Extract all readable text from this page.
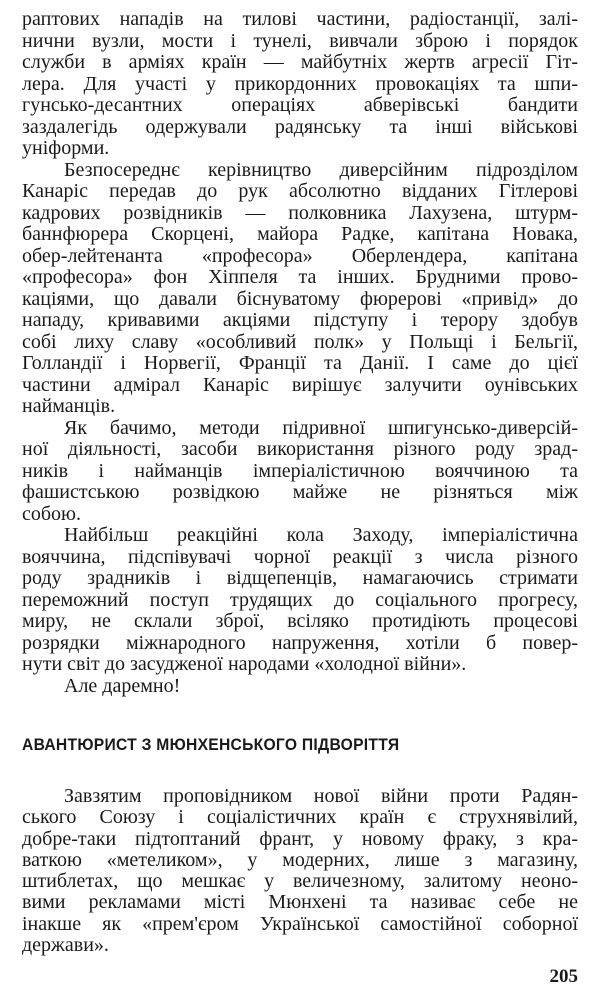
раптових нападів на тилові частини, радіостанції, залі-
нични вузли, мости і тунелі, вивчали зброю і порядок
служби в арміях країн — майбутніх жертв агресії Гіт-
лера. Для участі у прикордонних провокаціях та шпи-
гунсько-десантних операціях абверівські бандити
заздалегідь одержували радянську та інші військові
уніформи.
Безпосереднє керівництво диверсійним підрозділом
Канаріс передав до рук абсолютно відданих Гітлерові
кадрових розвідників — полковника Лахузена, штурм-
баннфюрера Скорцені, майора Радке, капітана Новака,
обер-лейтенанта «професора» Оберлендера, капітана
«професора» фон Хіппеля та інших. Брудними прово-
каціями, що давали біснуватому фюрерові «привід» до
нападу, кривавими акціями підступу і терору здобув
собі лиху славу «особливий полк» у Польщі і Бельгії,
Голландії і Норвегії, Франції та Данії. І саме до цієї
частини адмірал Канаріс вирішує залучити оунівських
найманців.
Як бачимо, методи підривної шпигунсько-диверсій-
ної діяльності, засоби використання різного роду зрад-
ників і найманців імперіалістичною вояччиною та
фашистською розвідкою майже не різняться між
собою.
Найбільш реакційні кола Заходу, імперіалістична
вояччина, підспівувачі чорної реакції з числа різного
роду зрадників і відщепенців, намагаючись стримати
переможний поступ трудящих до соціального прогресу,
миру, не склали зброї, всіляко протидіють процесові
розрядки міжнародного напруження, хотіли б повер-
нути світ до засудженої народами «холодної війни».
Але даремно!
АВАНТЮРИСТ З МЮНХЕНСЬКОГО ПІДВОРІТТЯ
Завзятим проповідником нової війни проти Радян-
ського Союзу і соціалістичних країн є струхнявілий,
добре-таки підтоптаний франт, у новому фраку, з кра-
ваткою «метеликом», у модерних, лише з магазину,
штиблетах, що мешкає у величезному, залитому неоно-
вими рекламами місті Мюнхені та називає себе не
інакше як «прем'єром Української самостійної соборної
держави».
205
